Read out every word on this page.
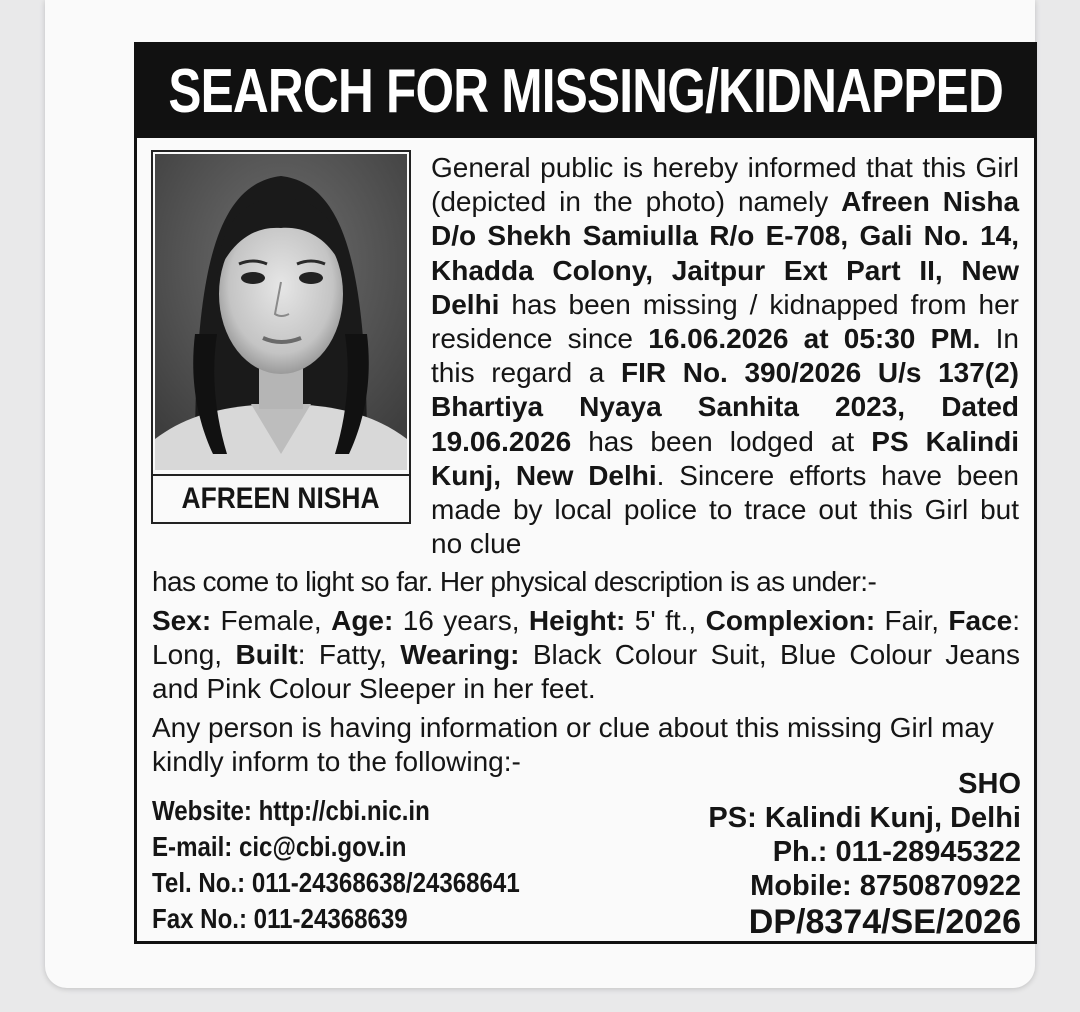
SEARCH FOR MISSING/KIDNAPPED
AFREEN NISHA

General public is hereby informed that this Girl (depicted in the photo) namely Afreen Nisha D/o Shekh Samiulla R/o E-708, Gali No. 14, Khadda Colony, Jaitpur Ext Part II, New Delhi has been missing / kidnapped from her residence since 16.06.2026 at 05:30 PM. In this regard a FIR No. 390/2026 U/s 137(2) Bhartiya Nyaya Sanhita 2023, Dated 19.06.2026 has been lodged at PS Kalindi Kunj, New Delhi. Sincere efforts have been made by local police to trace out this Girl but no clue

has come to light so far. Her physical description is as under:-

Sex: Female, Age: 16 years, Height: 5' ft., Complexion: Fair, Face: Long, Built: Fatty, Wearing: Black Colour Suit, Blue Colour Jeans and Pink Colour Sleeper in her feet.

Any person is having information or clue about this missing Girl may kindly inform to the following:-

Website: http://cbi.nic.in
E-mail: cic@cbi.gov.in
Tel. No.: 011-24368638/24368641
Fax No.: 011-24368639
SHO
PS: Kalindi Kunj, Delhi
Ph.: 011-28945322
Mobile: 8750870922
DP/8374/SE/2026
